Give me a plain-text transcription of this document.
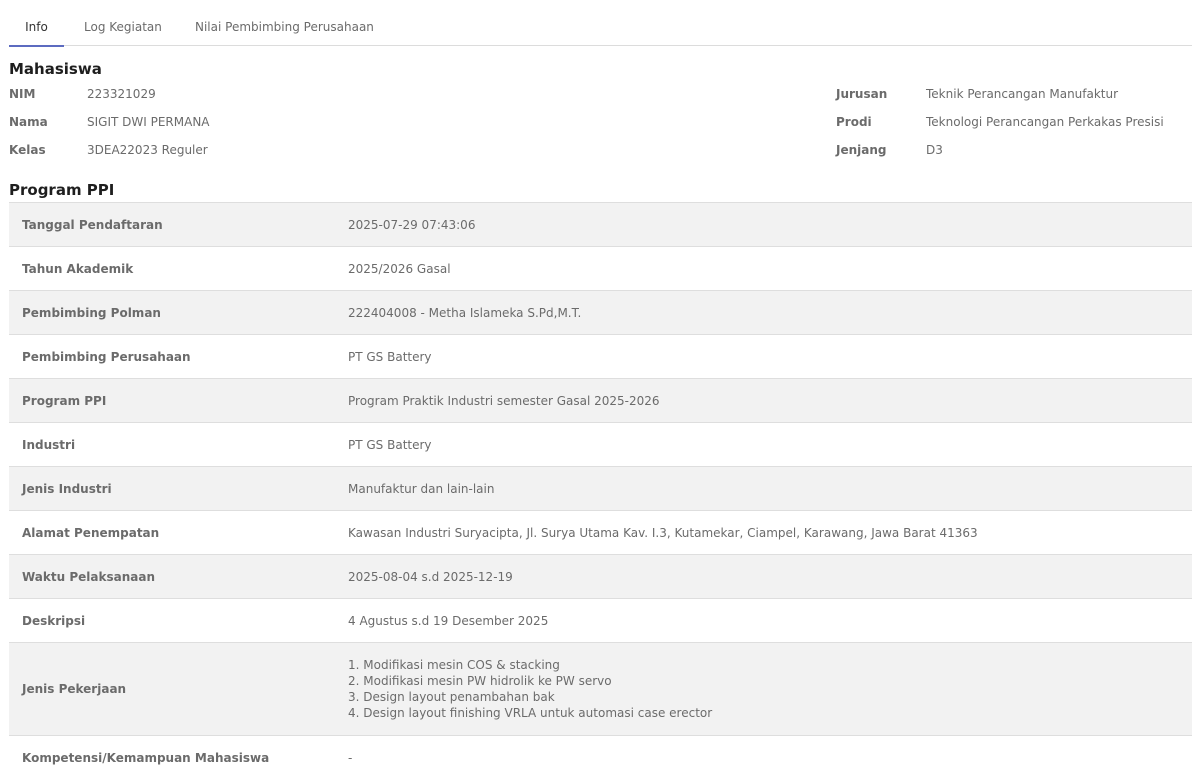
Info	Log Kegiatan	Nilai Pembimbing Perusahaan
Mahasiswa
NIM	223321029
Nama	SIGIT DWI PERMANA
Kelas	3DEA22023 Reguler
Jurusan	Teknik Perancangan Manufaktur
Prodi	Teknologi Perancangan Perkakas Presisi
Jenjang	D3
Program PPI
Tanggal Pendaftaran	2025-07-29 07:43:06
Tahun Akademik	2025/2026 Gasal
Pembimbing Polman	222404008 - Metha Islameka S.Pd,M.T.
Pembimbing Perusahaan	PT GS Battery
Program PPI	Program Praktik Industri semester Gasal 2025-2026
Industri	PT GS Battery
Jenis Industri	Manufaktur dan lain-lain
Alamat Penempatan	Kawasan Industri Suryacipta, Jl. Surya Utama Kav. I.3, Kutamekar, Ciampel, Karawang, Jawa Barat 41363
Waktu Pelaksanaan	2025-08-04 s.d 2025-12-19
Deskripsi	4 Agustus s.d 19 Desember 2025
Jenis Pekerjaan	1. Modifikasi mesin COS & stacking
2. Modifikasi mesin PW hidrolik ke PW servo
3. Design layout penambahan bak
4. Design layout finishing VRLA untuk automasi case erector

Kompetensi/Kemampuan Mahasiswa	-
